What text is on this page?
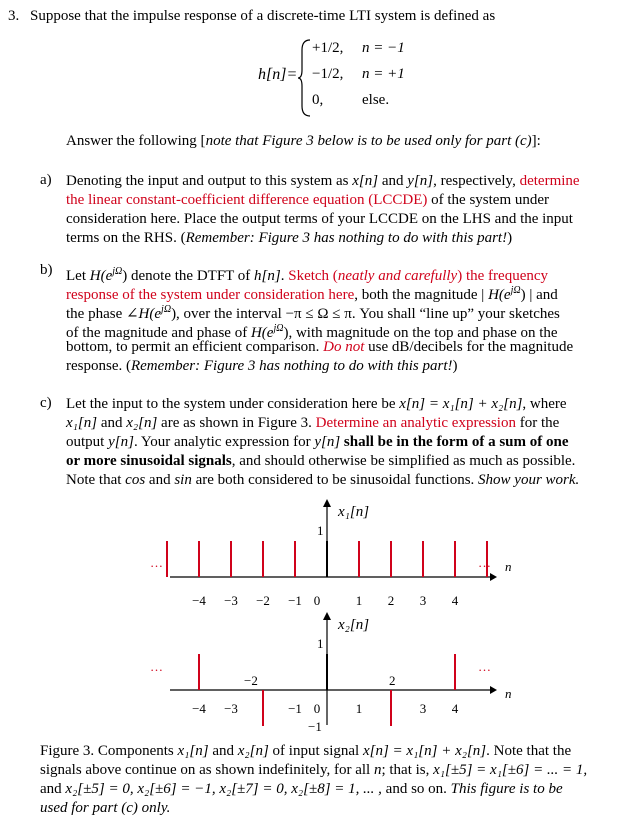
3. Suppose that the impulse response of a discrete-time LTI system is defined as
h[n]=
+1/2, n = −1
−1/2, n = +1
0,	else.
Answer the following [note that Figure 3 below is to be used only for part (c)]:
a) Denoting the input and output to this system as x[n] and y[n], respectively, determine
the linear constant-coefficient difference equation (LCCDE) of the system under
consideration here. Place the output terms of your LCCDE on the LHS and the input
terms on the RHS. (Remember: Figure 3 has nothing to do with this part!)
b) Let $H(e^{j\Omega})$ denote the DTFT of h[n]. Sketch (neatly and carefully) the frequency
response of the system under consideration here, both the magnitude | $H(e^{j\Omega})$ | and
the phase $\angle H(e^{j\Omega})$, over the interval −π ≤ Ω ≤ π. You shall “line up” your sketches
of the magnitude and phase of $H(e^{j\Omega})$, with magnitude on the top and phase on the
bottom, to permit an efficient comparison. Do not use dB/decibels for the magnitude
response. (Remember: Figure 3 has nothing to do with this part!)
c) Let the input to the system under consideration here be x[n] = x₁[n] + x₂[n], where
x₁[n] and x₂[n] are as shown in Figure 3. Determine an analytic expression for the
output y[n]. Your analytic expression for y[n] shall be in the form of a sum of one
or more sinusoidal signals, and should otherwise be simplified as much as possible.
Note that cos and sin are both considered to be sinusoidal functions. Show your work.
x₁[n]
1
…	… n
−4 −3 −2 −1 0	1 2 3 4
x₂[n]
1
…	…
n
−2	2
−1
−4 −3	−1 0	1	3 4
Figure 3. Components x₁[n] and x₂[n] of input signal x[n] = x₁[n] + x₂[n]. Note that the
signals above continue on as shown indefinitely, for all n; that is, x₁[±5] = x₁[±6] = ... = 1,
and x₂[±5] = 0, x₂[±6] = −1, x₂[±7] = 0, x₂[±8] = 1, ... , and so on. This figure is to be
used for part (c) only.
